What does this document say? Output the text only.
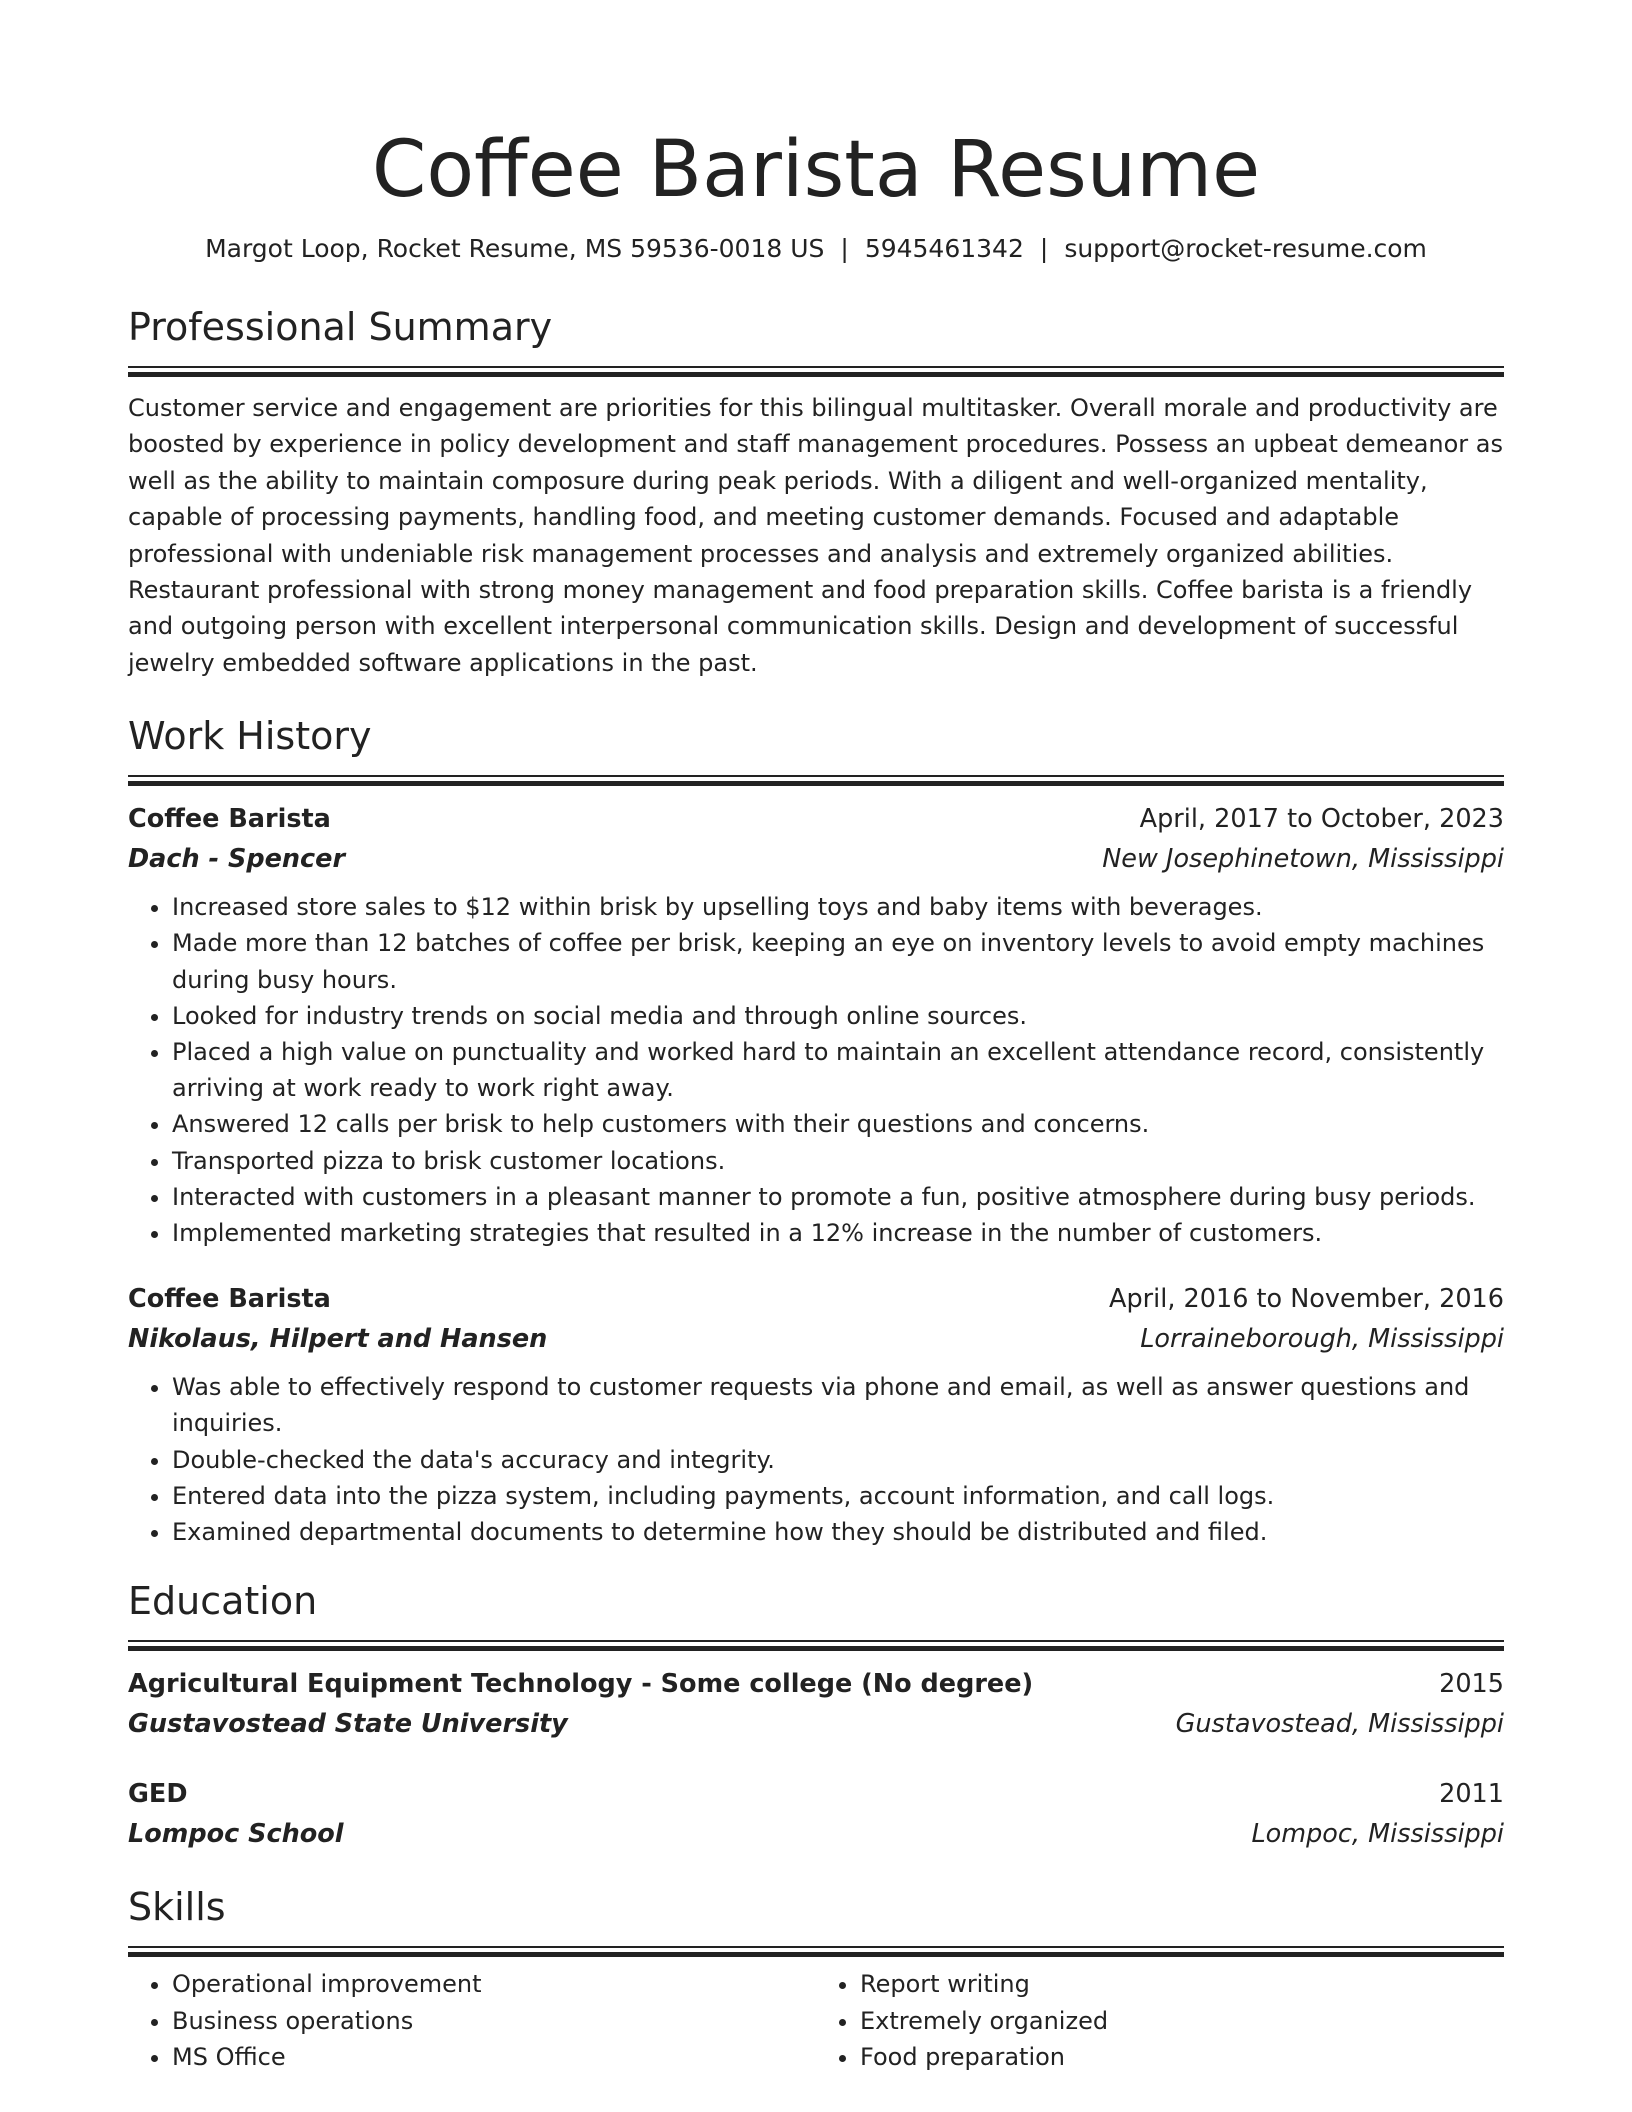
Coffee Barista Resume
Margot Loop, Rocket Resume, MS 59536-0018 US | 5945461342 | support@rocket-resume.com
Professional Summary

Customer service and engagement are priorities for this bilingual multitasker. Overall morale and productivity are boosted by experience in policy development and staff management procedures. Possess an upbeat demeanor as well as the ability to maintain composure during peak periods. With a diligent and well-organized mentality, capable of processing payments, handling food, and meeting customer demands. Focused and adaptable professional with undeniable risk management processes and analysis and extremely organized abilities. Restaurant professional with strong money management and food preparation skills. Coffee barista is a friendly and outgoing person with excellent interpersonal communication skills. Design and development of successful jewelry embedded software applications in the past.

Work History
Coffee Barista	April, 2017 to October, 2023
Dach - Spencer	New Josephinetown, Mississippi
• Increased store sales to $12 within brisk by upselling toys and baby items with beverages.
• Made more than 12 batches of coffee per brisk, keeping an eye on inventory levels to avoid empty machines during busy hours.
• Looked for industry trends on social media and through online sources.
• Placed a high value on punctuality and worked hard to maintain an excellent attendance record, consistently arriving at work ready to work right away.
• Answered 12 calls per brisk to help customers with their questions and concerns.
• Transported pizza to brisk customer locations.
• Interacted with customers in a pleasant manner to promote a fun, positive atmosphere during busy periods.
• Implemented marketing strategies that resulted in a 12% increase in the number of customers.
Coffee Barista	April, 2016 to November, 2016
Nikolaus, Hilpert and Hansen	Lorraineborough, Mississippi
• Was able to effectively respond to customer requests via phone and email, as well as answer questions and inquiries.
• Double-checked the data's accuracy and integrity.
• Entered data into the pizza system, including payments, account information, and call logs.
• Examined departmental documents to determine how they should be distributed and filed.
Education
Agricultural Equipment Technology - Some college (No degree)	2015
Gustavostead State University	Gustavostead, Mississippi
GED	2011
Lompoc School	Lompoc, Mississippi
Skills
• Operational improvement
• Business operations
• MS Office
• Report writing
• Extremely organized
• Food preparation
